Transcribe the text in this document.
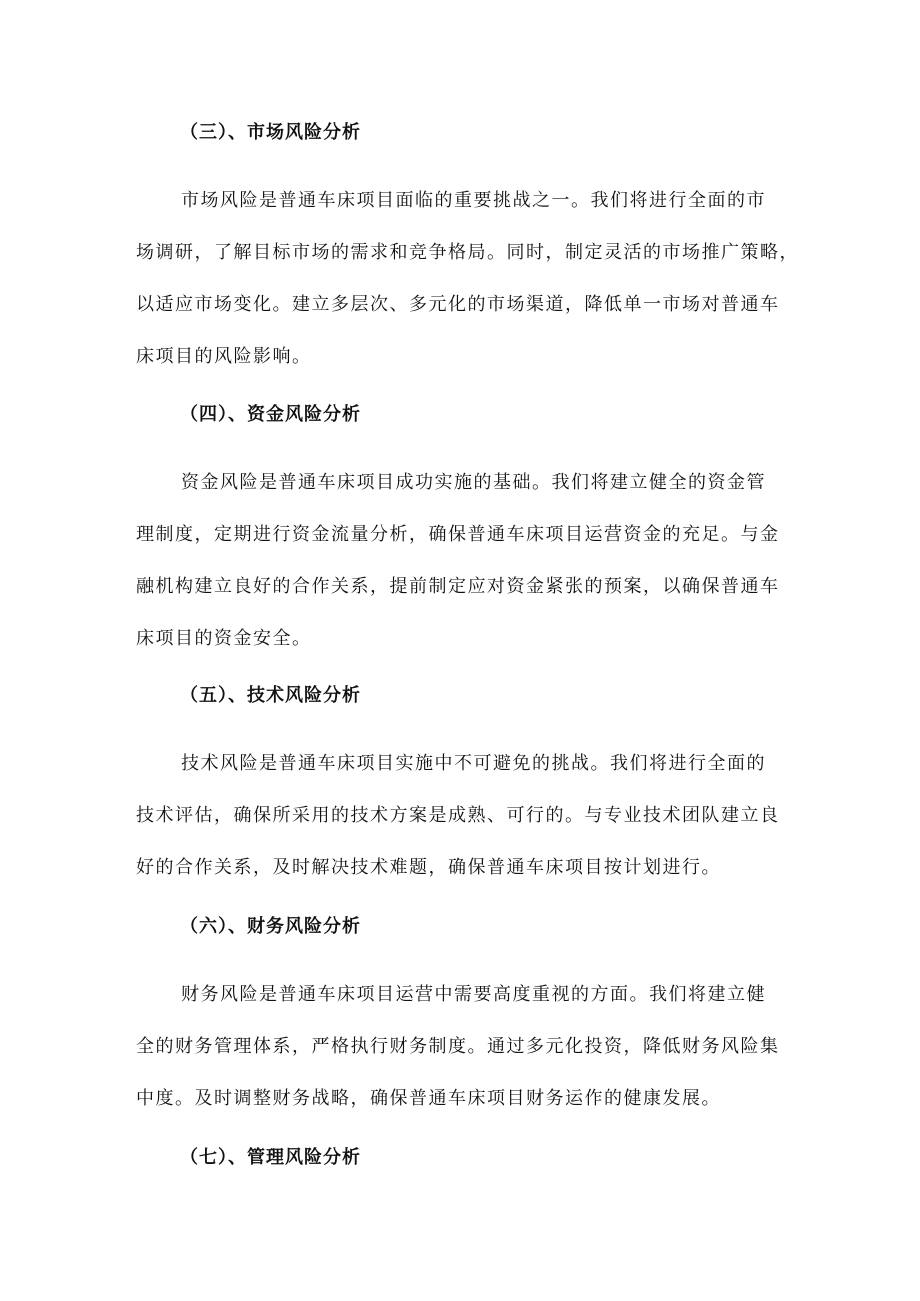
（三）、市场风险分析
市场风险是普通车床项目面临的重要挑战之一。我们将进行全面的市
场调研，了解目标市场的需求和竞争格局。同时，制定灵活的市场推广策略，
以适应市场变化。建立多层次、多元化的市场渠道，降低单一市场对普通车
床项目的风险影响。
（四）、资金风险分析
资金风险是普通车床项目成功实施的基础。我们将建立健全的资金管
理制度，定期进行资金流量分析，确保普通车床项目运营资金的充足。与金
融机构建立良好的合作关系，提前制定应对资金紧张的预案，以确保普通车
床项目的资金安全。
（五）、技术风险分析
技术风险是普通车床项目实施中不可避免的挑战。我们将进行全面的
技术评估，确保所采用的技术方案是成熟、可行的。与专业技术团队建立良
好的合作关系，及时解决技术难题，确保普通车床项目按计划进行。
（六）、财务风险分析
财务风险是普通车床项目运营中需要高度重视的方面。我们将建立健
全的财务管理体系，严格执行财务制度。通过多元化投资，降低财务风险集
中度。及时调整财务战略，确保普通车床项目财务运作的健康发展。
（七）、管理风险分析
